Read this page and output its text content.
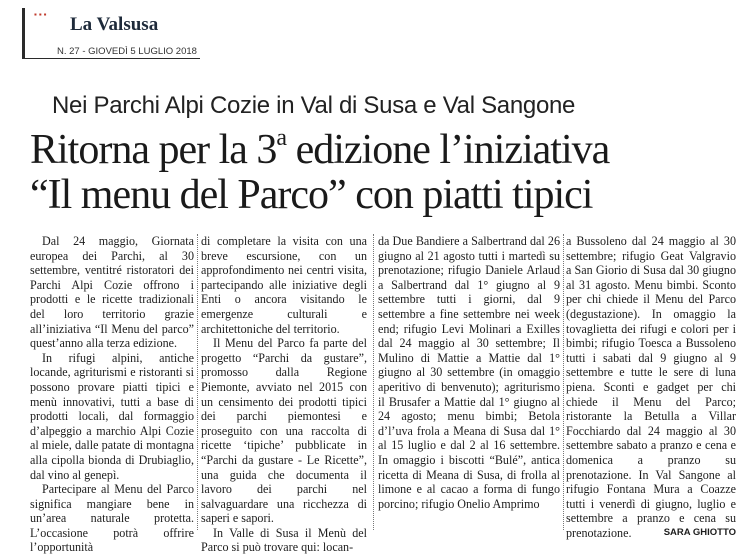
▪▪▪ La Valsusa
N. 27 - GIOVEDÌ 5 LUGLIO 2018
Nei Parchi Alpi Cozie in Val di Susa e Val Sangone
Ritorna per la 3$^a$ edizione l’iniziativa
“Il menu del Parco” con piatti tipici

Dal 24 maggio, Giornata europea dei Parchi, al 30 settembre, ventitré ristoratori dei Parchi Alpi Cozie offrono i prodotti e le ricette tradizionali del loro territorio grazie all’iniziativa “Il Menu del parco” quest’anno alla terza edizione.

In rifugi alpini, antiche locande, agriturismi e ristoranti si possono provare piatti tipici e menù innovativi, tutti a base di prodotti locali, dal formaggio d’alpeggio a marchio Alpi Cozie al miele, dalle patate di montagna alla cipolla bionda di Drubiaglio, dal vino al genepì.

Partecipare al Menu del Parco significa mangiare bene in un’area naturale protetta. L’occasione potrà offrire l’opportunità

di completare la visita con una breve escursione, con un approfondimento nei centri visita, partecipando alle iniziative degli Enti o ancora visitando le emergenze culturali e architettoniche del territorio.

Il Menu del Parco fa parte del progetto “Parchi da gustare”, promosso dalla Regione Piemonte, avviato nel 2015 con un censimento dei prodotti tipici dei parchi piemontesi e proseguito con una raccolta di ricette ‘tipiche’ pubblicate in “Parchi da gustare - Le Ricette”, una guida che documenta il lavoro dei parchi nel salvaguardare una ricchezza di saperi e sapori.

In Valle di Susa il Menù del Parco si può trovare qui: locan-

da Due Bandiere a Salbertrand dal 26 giugno al 21 agosto tutti i martedì su prenotazione; rifugio Daniele Arlaud a Salbertrand dal 1° giugno al 9 settembre tutti i giorni, dal 9 settembre a fine settembre nei week end; rifugio Levi Molinari a Exilles dal 24 maggio al 30 settembre; Il Mulino di Mattie a Mattie dal 1° giugno al 30 settembre (in omaggio aperitivo di benvenuto); agriturismo il Brusafer a Mattie dal 1° giugno al 24 agosto; menu bimbi; Betola d’l’uva frola a Meana di Susa dal 1° al 15 luglio e dal 2 al 16 settembre. In omaggio i biscotti “Bulé”, antica ricetta di Meana di Susa, di frolla al limone e al cacao a forma di fungo porcino; rifugio Onelio Amprimo

a Bussoleno dal 24 maggio al 30 settembre; rifugio Geat Valgravio a San Giorio di Susa dal 30 giugno al 31 agosto. Menu bimbi. Sconto per chi chiede il Menu del Parco (degustazione). In omaggio la tovaglietta dei rifugi e colori per i bimbi; rifugio Toesca a Bussoleno tutti i sabati dal 9 giugno al 9 settembre e tutte le sere di luna piena. Sconti e gadget per chi chiede il Menu del Parco; ristorante la Betulla a Villar Focchiardo dal 24 maggio al 30 settembre sabato a pranzo e cena e domenica a pranzo su prenotazione. In Val Sangone al rifugio Fontana Mura a Coazze tutti i venerdì di giugno, luglio e settembre a pranzo e cena su prenotazione.	SARA GHIOTTO
